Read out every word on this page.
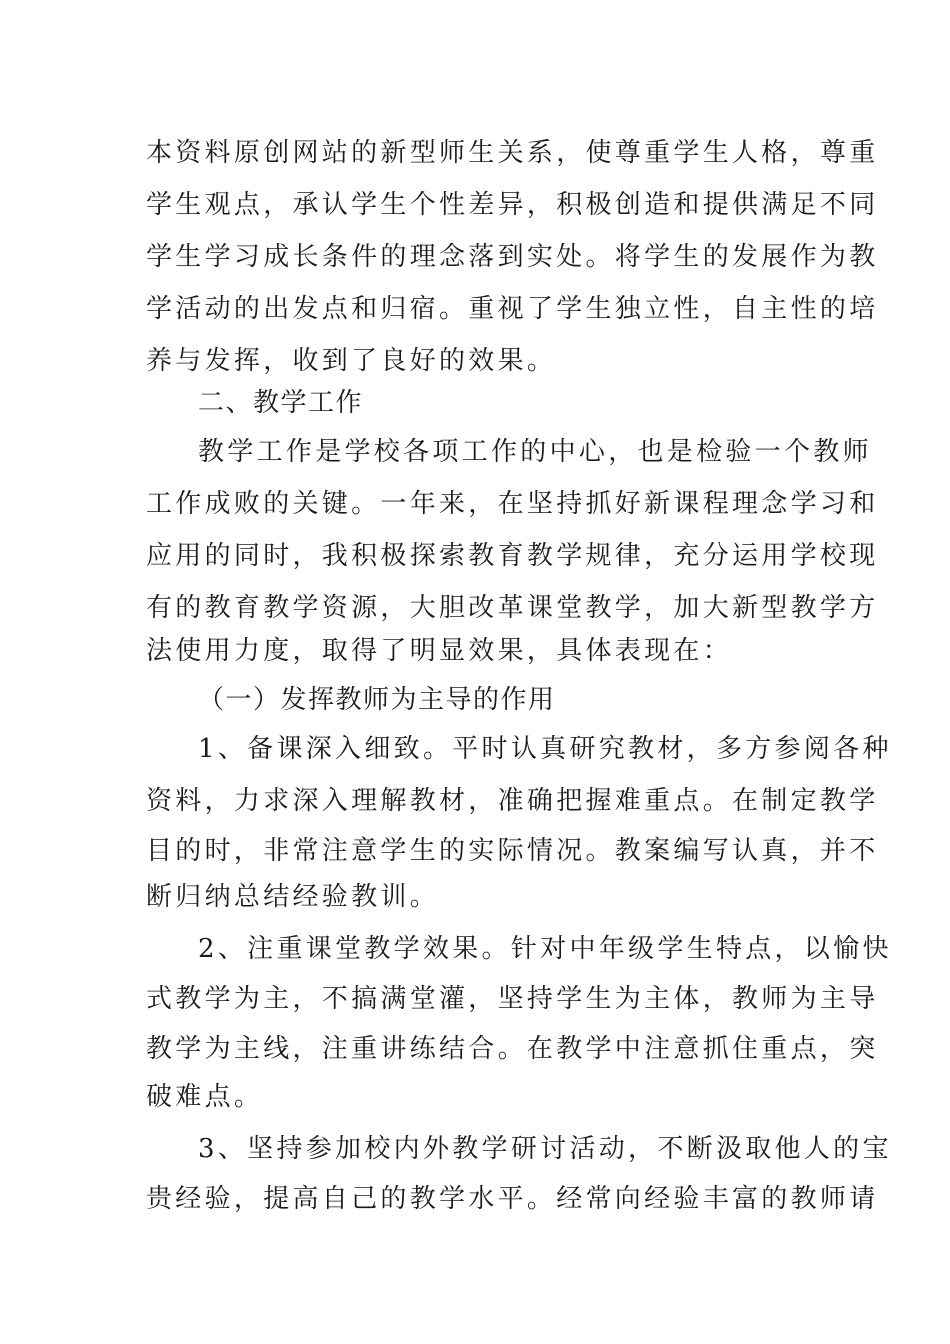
本资料原创网站的新型师生关系，使尊重学生人格，尊重
学生观点，承认学生个性差异，积极创造和提供满足不同
学生学习成长条件的理念落到实处。将学生的发展作为教
学活动的出发点和归宿。重视了学生独立性，自主性的培
养与发挥，收到了良好的效果。
二、教学工作
教学工作是学校各项工作的中心，也是检验一个教师
工作成败的关键。一年来，在坚持抓好新课程理念学习和
应用的同时，我积极探索教育教学规律，充分运用学校现
有的教育教学资源，大胆改革课堂教学，加大新型教学方
法使用力度，取得了明显效果，具体表现在：
（一）发挥教师为主导的作用
1、备课深入细致。平时认真研究教材，多方参阅各种
资料，力求深入理解教材，准确把握难重点。在制定教学
目的时，非常注意学生的实际情况。教案编写认真，并不
断归纳总结经验教训。
2、注重课堂教学效果。针对中年级学生特点，以愉快
式教学为主，不搞满堂灌，坚持学生为主体，教师为主导
教学为主线，注重讲练结合。在教学中注意抓住重点，突
破难点。
3、坚持参加校内外教学研讨活动，不断汲取他人的宝
贵经验，提高自己的教学水平。经常向经验丰富的教师请
